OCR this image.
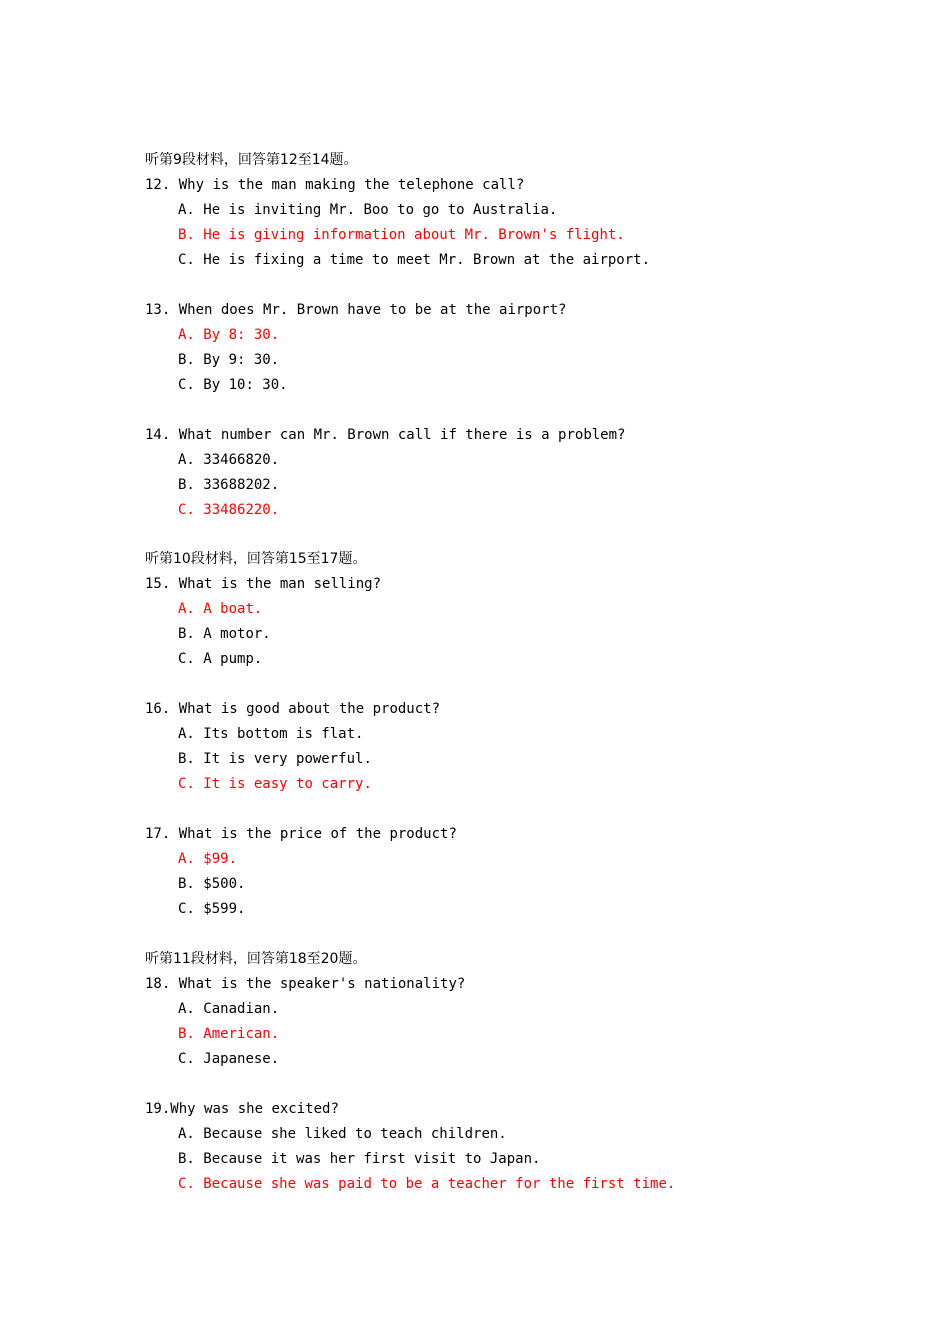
听第9段材料，回答第12至14题。
12. Why is the man making the telephone call?
A. He is inviting Mr. Boo to go to Australia.
B. He is giving information about Mr. Brown's flight.
C. He is fixing a time to meet Mr. Brown at the airport.
13. When does Mr. Brown have to be at the airport?
A. By 8: 30.
B. By 9: 30.
C. By 10: 30.
14. What number can Mr. Brown call if there is a problem?
A. 33466820.
B. 33688202.
C. 33486220.
听第10段材料，回答第15至17题。
15. What is the man selling?
A. A boat.
B. A motor.
C. A pump.
16. What is good about the product?
A. Its bottom is flat.
B. It is very powerful.
C. It is easy to carry.
17. What is the price of the product?
A. $99.
B. $500.
C. $599.
听第11段材料，回答第18至20题。
18. What is the speaker's nationality?
A. Canadian.
B. American.
C. Japanese.
19.Why was she excited?
A. Because she liked to teach children.
B. Because it was her first visit to Japan.
C. Because she was paid to be a teacher for the first time.
